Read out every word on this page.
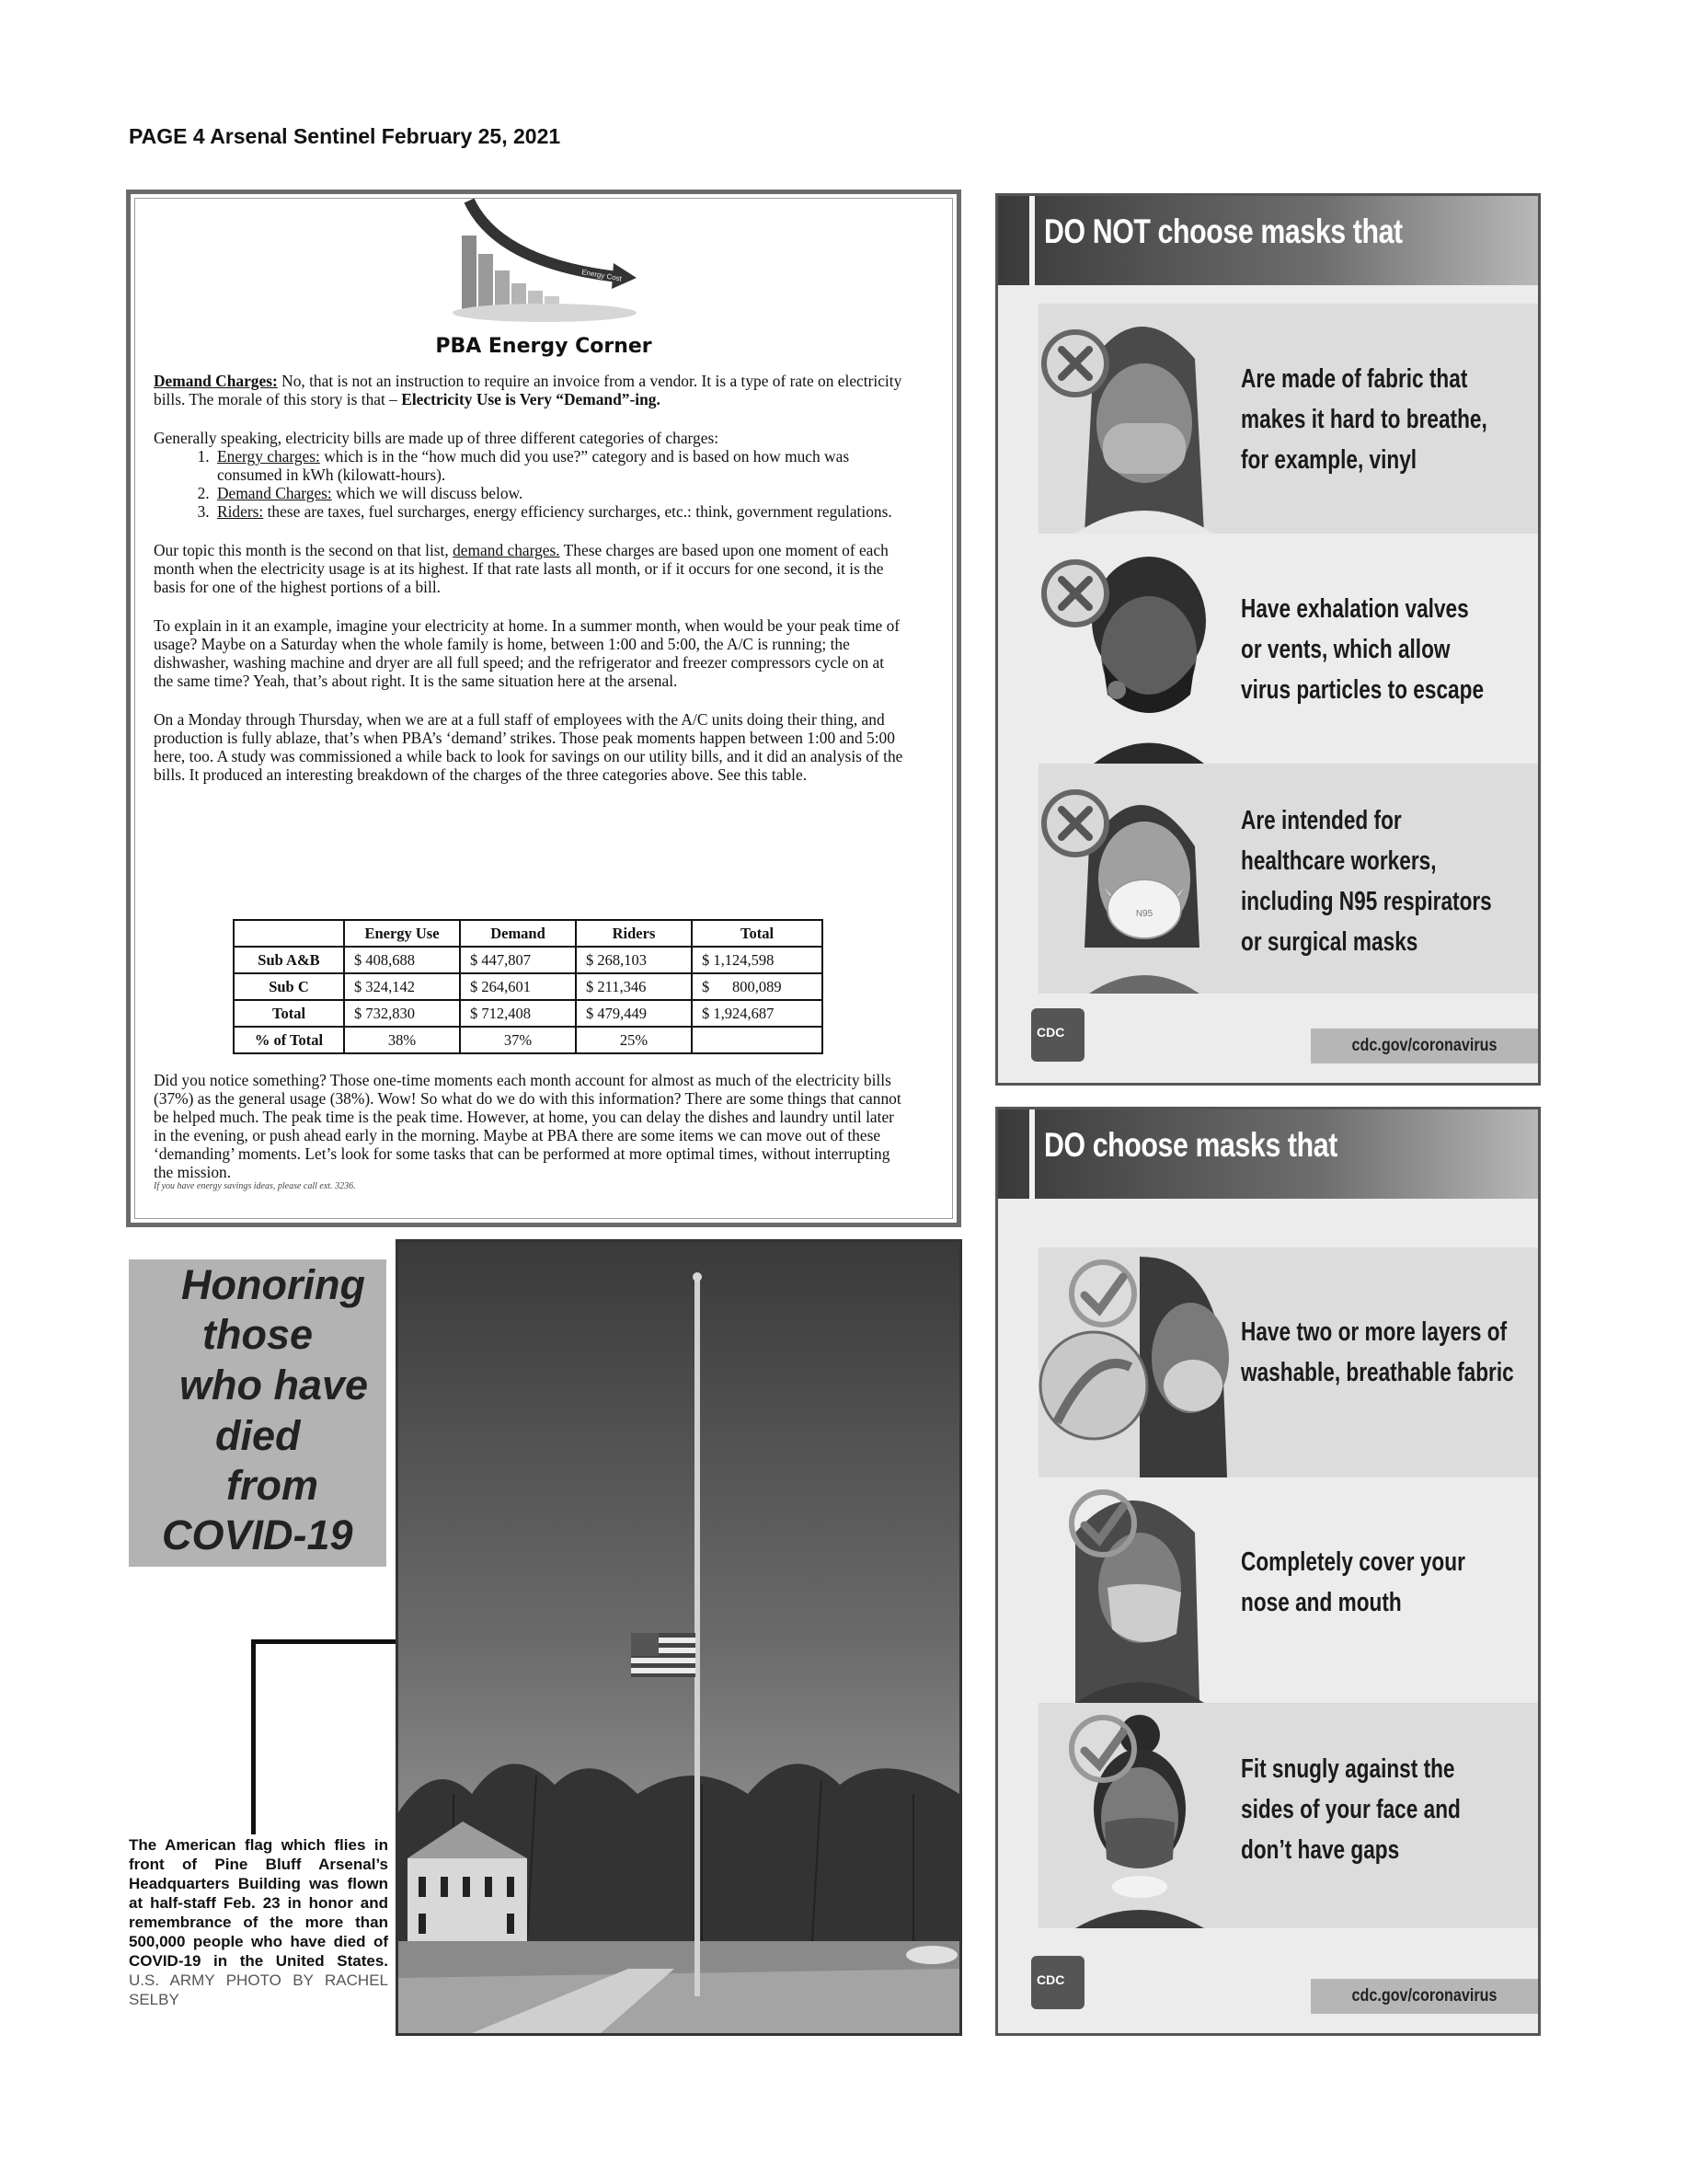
PAGE 4 Arsenal Sentinel February 25, 2021
Energy Cost
PBA Energy Corner

Demand Charges: No, that is not an instruction to require an invoice from a vendor. It is a type of rate on electricity bills. The morale of this story is that – Electricity Use is Very “Demand”-ing.

Generally speaking, electricity bills are made up of three different categories of charges:

1. Energy charges: which is in the “how much did you use?” category and is based on how much was consumed in kWh (kilowatt-hours).
2. Demand Charges: which we will discuss below.
3. Riders: these are taxes, fuel surcharges, energy efficiency surcharges, etc.: think, government regulations.

Our topic this month is the second on that list, demand charges. These charges are based upon one moment of each month when the electricity usage is at its highest. If that rate lasts all month, or if it occurs for one second, it is the basis for one of the highest portions of a bill.

To explain in it an example, imagine your electricity at home. In a summer month, when would be your peak time of usage? Maybe on a Saturday when the whole family is home, between 1:00 and 5:00, the A/C is running; the dishwasher, washing machine and dryer are all full speed; and the refrigerator and freezer compressors cycle on at the same time? Yeah, that’s about right. It is the same situation here at the arsenal.

On a Monday through Thursday, when we are at a full staff of employees with the A/C units doing their thing, and production is fully ablaze, that’s when PBA’s ‘demand’ strikes. Those peak moments happen between 1:00 and 5:00 here, too. A study was commissioned a while back to look for savings on our utility bills, and it did an analysis of the bills. It produced an interesting breakdown of the charges of the three categories above. See this table.

	Energy Use	Demand	Riders	Total
Sub A&B	$ 408,688	$ 447,807	$ 268,103	$ 1,124,598
Sub C	$ 324,142	$ 264,601	$ 211,346	$      800,089
Total	$ 732,830	$ 712,408	$ 479,449	$ 1,924,687
% of Total	38%	37%	25%	
Did you notice something? Those one-time moments each month account for almost as much of the electricity bills (37%) as the general usage (38%). Wow! So what do we do with this information? There are some things that cannot be helped much. The peak time is the peak time. However, at home, you can delay the dishes and laundry until later in the evening, or push ahead early in the morning. Maybe at PBA there are some items we can move out of these ‘demanding’ moments. Let’s look for some tasks that can be performed at more optimal times, without interrupting the mission.
If you have energy savings ideas, please call ext. 3236.
Honoring
those
who have
died
from
COVID-19
The American flag which flies in front of Pine Bluff Arsenal’s Headquarters Building was flown at half-staff Feb. 23 in honor and remembrance of the more than 500,000 people who have died of COVID-19 in the United States. U.S. ARMY PHOTO BY RACHEL SELBY
DO NOT choose masks that
Are made of fabric that
makes it hard to breathe,
for example, vinyl
Have exhalation valves
or vents, which allow
virus particles to escape
N95
Are intended for
healthcare workers,
including N95 respirators
or surgical masks
CDC
cdc.gov/coronavirus
DO choose masks that
Have two or more layers of
washable, breathable fabric
Completely cover your
nose and mouth
Fit snugly against the
sides of your face and
don’t have gaps
CDC
cdc.gov/coronavirus
